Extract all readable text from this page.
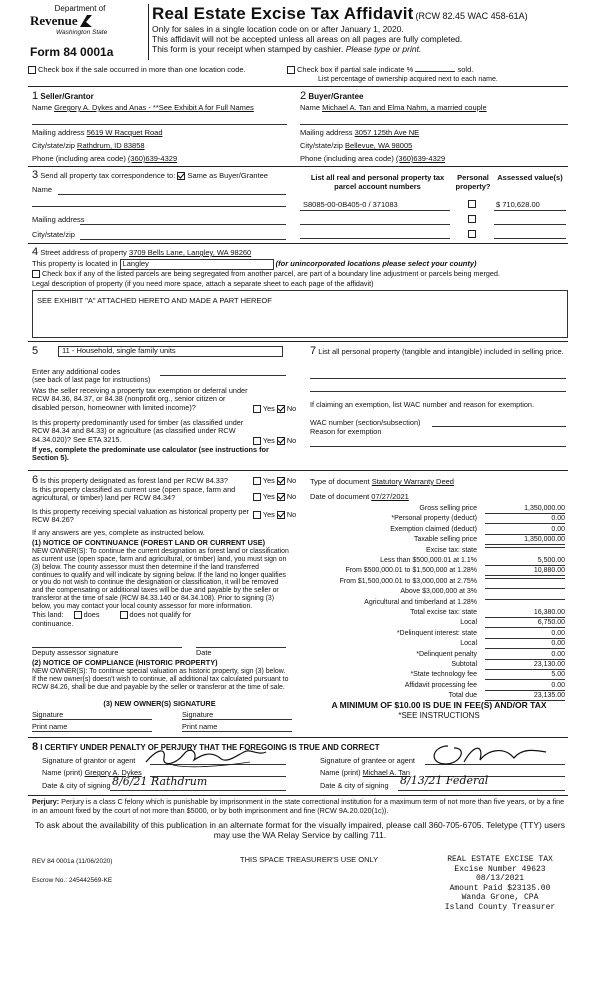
Department of
Revenue
Washington State
Form 84 0001a
Real Estate Excise Tax Affidavit (RCW 82.45 WAC 458-61A)
Only for sales in a single location code on or after January 1, 2020.
This affidavit will not be accepted unless all areas on all pages are fully completed.
This form is your receipt when stamped by cashier. Please type or print.
Check box if the sale occurred in more than one location code.	Check box if partial sale indicate %	sold.
List percentage of ownership acquired next to each name.
1 Seller/Grantor
Name Gregory A. Dykes and Anas - **See Exhibit A for Full Names
Mailing address 5619 W Racquet Road
City/state/zip Rathdrum, ID 83858
Phone (including area code) (360)639-4329
2 Buyer/Grantee
Name Michael A. Tan and Elma Nahm, a married couple
Mailing address 3057 125th Ave NE
City/state/zip Bellevue, WA 98005
Phone (including area code) (360)639-4329
3 Send all property tax correspondence to: Same as Buyer/Grantee
Name
Mailing address
City/state/zip
List all real and personal property tax parcel account numbers
Personal property?
Assessed value(s)
S8085-00-0B405-0 / 371083	$ 710,628.00
4 Street address of property 3709 Bells Lane, Langley, WA 98260
This property is located in Langley	(for unincorporated locations please select your county)
Check box if any of the listed parcels are being segregated from another parcel, are part of a boundary line adjustment or parcels being merged.
Legal description of property (if you need more space, attach a separate sheet to each page of the affidavit)
SEE EXHIBIT "A" ATTACHED HERETO AND MADE A PART HEREOF
5	11 - Household, single family units
Enter any additional codes
(see back of last page for instructions)
Was the seller receiving a property tax exemption or deferral under RCW 84.36, 84.37, or 84.38 (nonprofit org., senior citizen or disabled person, homeowner with limited income)?	Yes No
Is this property predominantly used for timber (as classified under RCW 84.34 and 84.33) or agriculture (as classified under RCW 84.34.020)? See ETA 3215.	Yes No
If yes, complete the predominate use calculator (see instructions for Section 5).
7 List all personal property (tangible and intangible) included in selling price.
If claiming an exemption, list WAC number and reason for exemption.
WAC number (section/subsection)
Reason for exemption
6 Is this property designated as forest land per RCW 84.33?	Yes No
Is this property classified as current use (open space, farm and agricultural, or timber) land per RCW 84.34?	Yes No
Is this property receiving special valuation as historical property per RCW 84.26?
Yes No
If any answers are yes, complete as instructed below.
(1) NOTICE OF CONTINUANCE (FOREST LAND OR CURRENT USE)
NEW OWNER(S): To continue the current designation as forest land or classification as current use (open space, farm and agricultural, or timber) land, you must sign on (3) below. The county assessor must then determine if the land transferred continues to qualify and will indicate by signing below. If the land no longer qualifies or you do not wish to continue the designation or classification, it will be removed and the compensating or additional taxes will be due and payable by the seller or transferor at the time of sale (RCW 84.33.140 or 84.34.108). Prior to signing (3) below, you may contact your local county assessor for more information.
This land:	does	does not qualify for
continuance.
Deputy assessor signature	Date
(2) NOTICE OF COMPLIANCE (HISTORIC PROPERTY)
NEW OWNER(S): To continue special valuation as historic property, sign (3) below. If the new owner(s) doesn't wish to continue, all additional tax calculated pursuant to RCW 84.26, shall be due and payable by the seller or transferor at the time of sale.
(3) NEW OWNER(S) SIGNATURE
Signature	Signature
Print name	Print name
Type of document Statutory Warranty Deed
Date of document 07/27/2021
Gross selling price	1,350,000.00
*Personal property (deduct)	0.00
Exemption claimed (deduct)	0.00
Taxable selling price	1,350,000.00
Excise tax: state
Less than $500,000.01 at 1.1%	5,500.00
From $500,000.01 to $1,500,000 at 1.28%	10,880.00
From $1,500,000.01 to $3,000,000 at 2.75%
Above $3,000,000 at 3%
Agricultural and timberland at 1.28%
Total excise tax: state	16,380.00
Local	6,750.00
*Delinquent interest: state	0.00
Local	0.00
*Delinquent penalty	0.00
Subtotal	23,130.00
*State technology fee	5.00
Affidavit processing fee	0.00
Total due	23,135.00
A MINIMUM OF $10.00 IS DUE IN FEE(S) AND/OR TAX
*SEE INSTRUCTIONS
8 I CERTIFY UNDER PENALTY OF PERJURY THAT THE FOREGOING IS TRUE AND CORRECT
Signature of grantor or agent
Name (print) Gregory A. Dykes
Date & city of signing 8/6/21 Rathdrum
Signature of grantee or agent
Name (print) Michael A. Tan
Date & city of signing 8/13/21 Federal
Perjury: Perjury is a class C felony which is punishable by imprisonment in the state correctional institution for a maximum term of not more than five years, or by a fine in an amount fixed by the court of not more than $5000, or by both imprisonment and fine (RCW 9A.20.020(1c)).
To ask about the availability of this publication in an alternate format for the visually impaired, please call 360-705-6705. Teletype (TTY) users may use the WA Relay Service by calling 711.
REV 84 0001a (11/06/2020)	THIS SPACE TREASURER'S USE ONLY
Escrow No.: 245442569-KE
REAL ESTATE EXCISE TAX
Excise Number 49623
08/13/2021
Amount Paid $23135.00
Wanda Grone, CPA
Island County Treasurer
